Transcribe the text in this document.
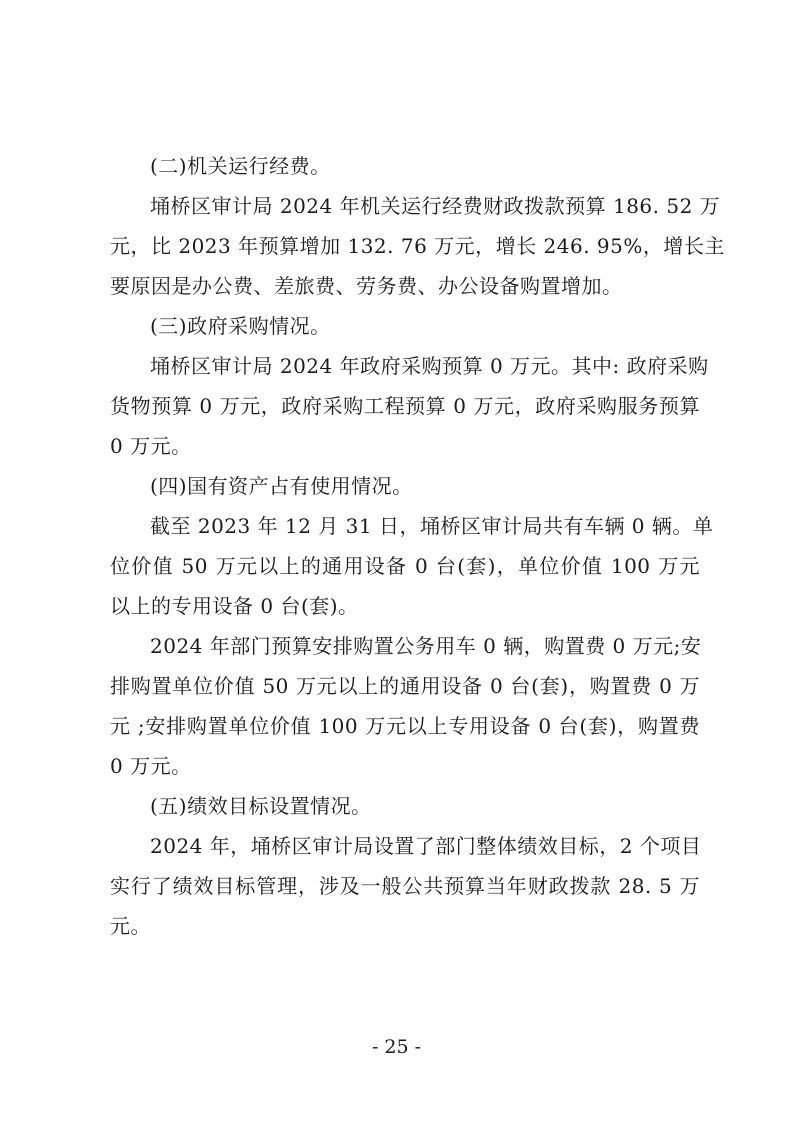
(二)机关运行经费。
埇桥区审计局 2024 年机关运行经费财政拨款预算 186. 52 万
元，比 2023 年预算增加 132. 76 万元，增长 246. 95%，增长主
要原因是办公费、差旅费、劳务费、办公设备购置增加。
(三)政府采购情况。
埇桥区审计局 2024 年政府采购预算 0 万元。其中: 政府采购
货物预算 0 万元，政府采购工程预算 0 万元，政府采购服务预算
0 万元。
(四)国有资产占有使用情况。
截至 2023 年 12 月 31 日，埇桥区审计局共有车辆 0 辆。单
位价值 50 万元以上的通用设备 0 台(套)，单位价值 100 万元
以上的专用设备 0 台(套)。
2024 年部门预算安排购置公务用车 0 辆，购置费 0 万元;安
排购置单位价值 50 万元以上的通用设备 0 台(套)，购置费 0 万
元 ;安排购置单位价值 100 万元以上专用设备 0 台(套)，购置费
0 万元。
(五)绩效目标设置情况。
2024 年，埇桥区审计局设置了部门整体绩效目标，2 个项目
实行了绩效目标管理，涉及一般公共预算当年财政拨款 28. 5 万
元。
- 25 -
